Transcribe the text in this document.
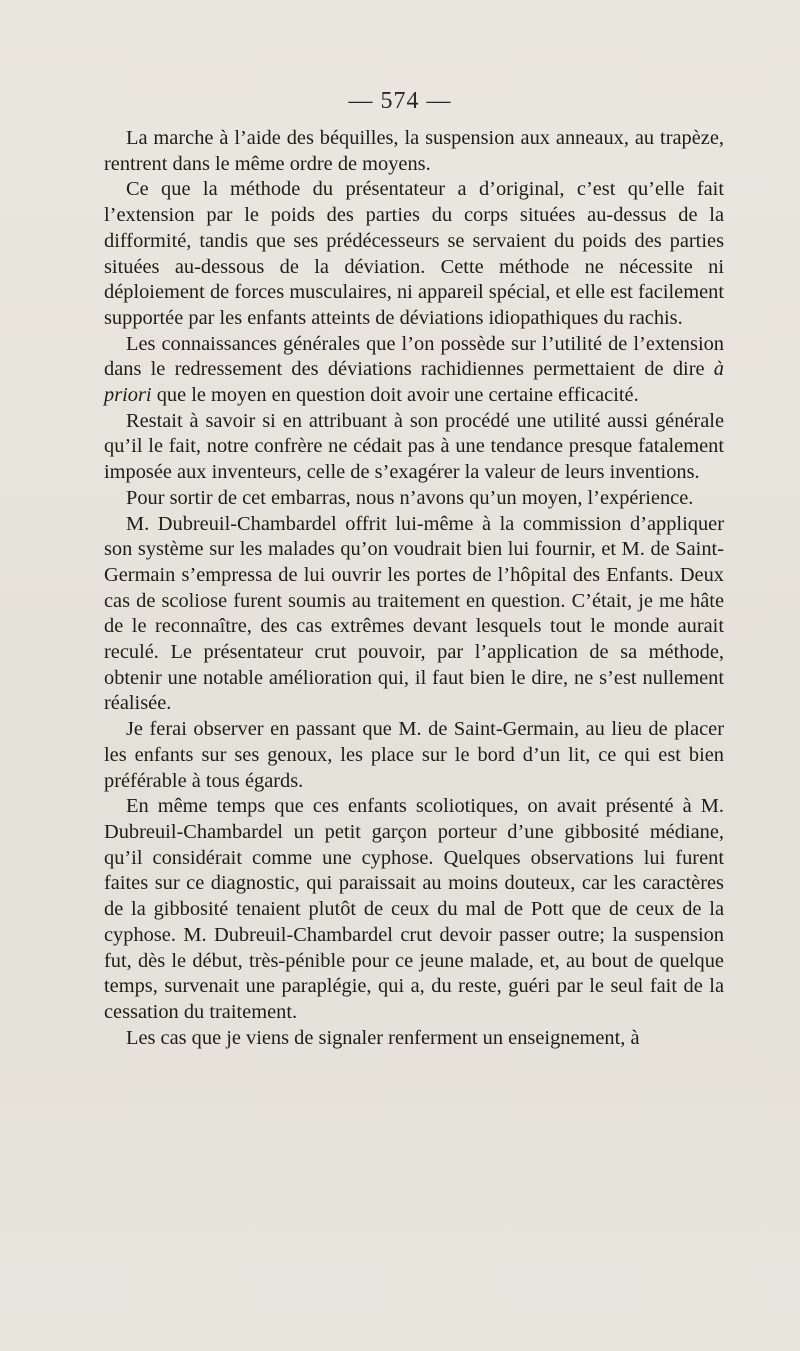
— 574 —

La marche à l’aide des béquilles, la suspension aux anneaux, au trapèze, rentrent dans le même ordre de moyens.

Ce que la méthode du présentateur a d’original, c’est qu’elle fait l’extension par le poids des parties du corps situées au-dessus de la difformité, tandis que ses prédécesseurs se servaient du poids des parties situées au-dessous de la déviation. Cette méthode ne nécessite ni déploiement de forces musculaires, ni appareil spécial, et elle est facilement supportée par les enfants atteints de déviations idiopathiques du rachis.

Les connaissances générales que l’on possède sur l’utilité de l’extension dans le redressement des déviations rachidiennes permettaient de dire à priori que le moyen en question doit avoir une certaine efficacité.

Restait à savoir si en attribuant à son procédé une utilité aussi générale qu’il le fait, notre confrère ne cédait pas à une tendance presque fatalement imposée aux inventeurs, celle de s’exagérer la valeur de leurs inventions.

Pour sortir de cet embarras, nous n’avons qu’un moyen, l’expérience.

M. Dubreuil-Chambardel offrit lui-même à la commission d’appliquer son système sur les malades qu’on voudrait bien lui fournir, et M. de Saint-Germain s’empressa de lui ouvrir les portes de l’hôpital des Enfants. Deux cas de scoliose furent soumis au traitement en question. C’était, je me hâte de le reconnaître, des cas extrêmes devant lesquels tout le monde aurait reculé. Le présentateur crut pouvoir, par l’application de sa méthode, obtenir une notable amélioration qui, il faut bien le dire, ne s’est nullement réalisée.

Je ferai observer en passant que M. de Saint-Germain, au lieu de placer les enfants sur ses genoux, les place sur le bord d’un lit, ce qui est bien préférable à tous égards.

En même temps que ces enfants scoliotiques, on avait présenté à M. Dubreuil-Chambardel un petit garçon porteur d’une gibbosité médiane, qu’il considérait comme une cyphose. Quelques observations lui furent faites sur ce diagnostic, qui paraissait au moins douteux, car les caractères de la gibbosité tenaient plutôt de ceux du mal de Pott que de ceux de la cyphose. M. Dubreuil-Chambardel crut devoir passer outre; la suspension fut, dès le début, très-pénible pour ce jeune malade, et, au bout de quelque temps, survenait une paraplégie, qui a, du reste, guéri par le seul fait de la cessation du traitement.

Les cas que je viens de signaler renferment un enseignement, à
